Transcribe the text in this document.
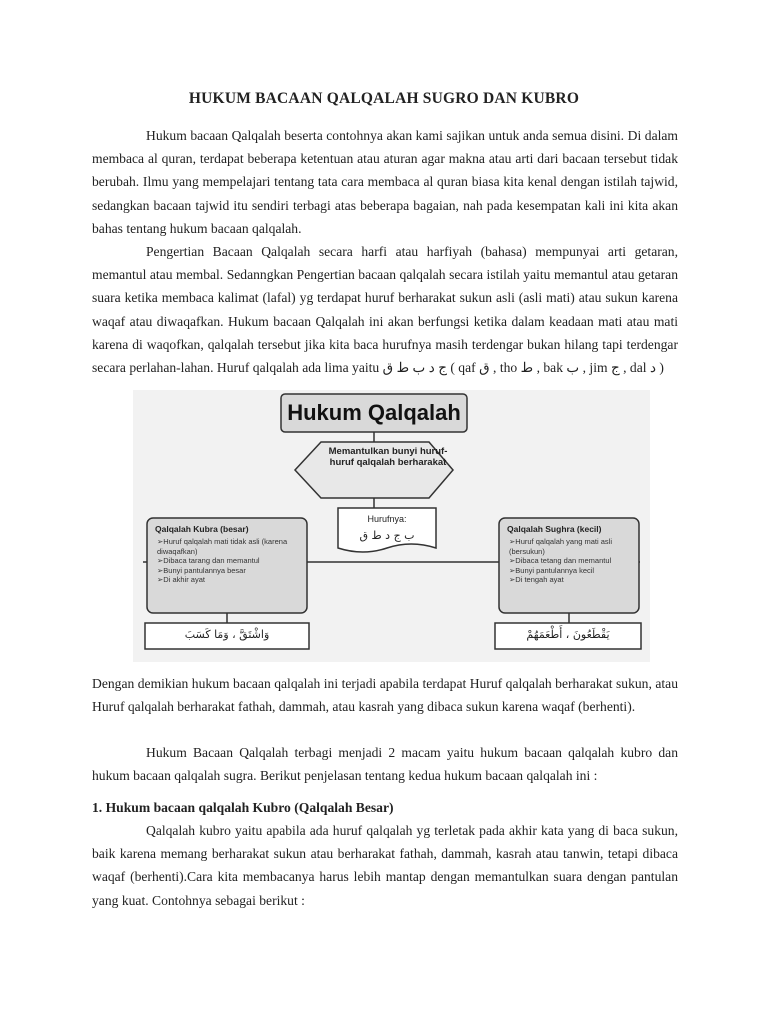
HUKUM BACAAN QALQALAH SUGRO DAN KUBRO

Hukum bacaan Qalqalah beserta contohnya akan kami sajikan untuk anda semua disini. Di dalam membaca al quran, terdapat beberapa ketentuan atau aturan agar makna atau arti dari bacaan tersebut tidak berubah. Ilmu yang mempelajari tentang tata cara membaca al quran biasa kita kenal dengan istilah tajwid, sedangkan bacaan tajwid itu sendiri terbagi atas beberapa bagaian, nah pada kesempatan kali ini kita akan bahas tentang hukum bacaan qalqalah.

Pengertian Bacaan Qalqalah secara harfi atau harfiyah (bahasa) mempunyai arti getaran, memantul atau membal. Sedanngkan Pengertian bacaan qalqalah secara istilah yaitu memantul atau getaran suara ketika membaca kalimat (lafal) yg terdapat huruf berharakat sukun asli (asli mati) atau sukun karena waqaf atau diwaqafkan. Hukum bacaan Qalqalah ini akan berfungsi ketika dalam keadaan mati atau mati karena di waqofkan, qalqalah tersebut jika kita baca hurufnya masih terdengar bukan hilang tapi terdengar secara perlahan-lahan. Huruf qalqalah ada lima yaitu ﺝ ﺩ ﺏ ﻁ ﻕ ( qaf ق , tho ط , bak ب , jim ج , dal د )

Hukum Qalqalah
Memantulkan bunyi huruf-huruf qalqalah berharakat
Hurufnya:
ب ج د ط ق
Qalqalah Kubra (besar)
➢ Huruf qalqalah mati tidak asli (karena diwaqafkan)
➢ Dibaca tarang dan memantul
➢ Bunyi pantulannya besar
➢ Di akhir ayat
Qalqalah Sughra (kecil)
➢ Huruf qalqalah yang mati asli (bersukun)
➢ Dibaca tetang dan memantul
➢ Bunyi pantulannya kecil
➢ Di tengah ayat
وَاشْتَقَّ ، وَمَا كَسَبَ	يَقْطَعُونَ ، أَطْعَمَهُمْ

Dengan demikian hukum bacaan qalqalah ini terjadi apabila terdapat Huruf qalqalah berharakat sukun, atau Huruf qalqalah berharakat fathah, dammah, atau kasrah yang dibaca sukun karena waqaf (berhenti).

Hukum Bacaan Qalqalah terbagi menjadi 2 macam yaitu hukum bacaan qalqalah kubro dan hukum bacaan qalqalah sugra. Berikut penjelasan tentang kedua hukum bacaan qalqalah ini :

1. Hukum bacaan qalqalah Kubro (Qalqalah Besar)

Qalqalah kubro yaitu apabila ada huruf qalqalah yg terletak pada akhir kata yang di baca sukun, baik karena memang berharakat sukun atau berharakat fathah, dammah, kasrah atau tanwin, tetapi dibaca waqaf (berhenti).Cara kita membacanya harus lebih mantap dengan memantulkan suara dengan pantulan yang kuat. Contohnya sebagai berikut :
